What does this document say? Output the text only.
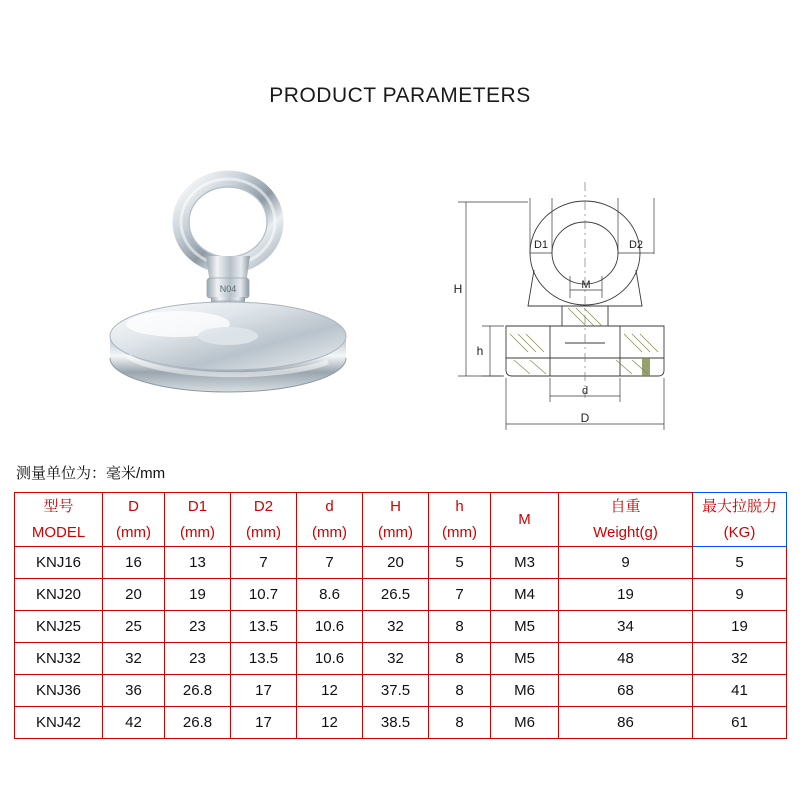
PRODUCT PARAMETERS
N04
D1	D2
M
H
h
d
D
测量单位为：毫米/mm
型号	D	D1	D2	d	H	h	M	自重	最大拉脱力
MODEL	(mm)	(mm)	(mm)	(mm)	(mm)	(mm)		Weight(g)	(KG)
KNJ16	16	13	7	7	20	5	M3	9	5
KNJ20	20	19	10.7	8.6	26.5	7	M4	19	9
KNJ25	25	23	13.5	10.6	32	8	M5	34	19
KNJ32	32	23	13.5	10.6	32	8	M5	48	32
KNJ36	36	26.8	17	12	37.5	8	M6	68	41
KNJ42	42	26.8	17	12	38.5	8	M6	86	61
